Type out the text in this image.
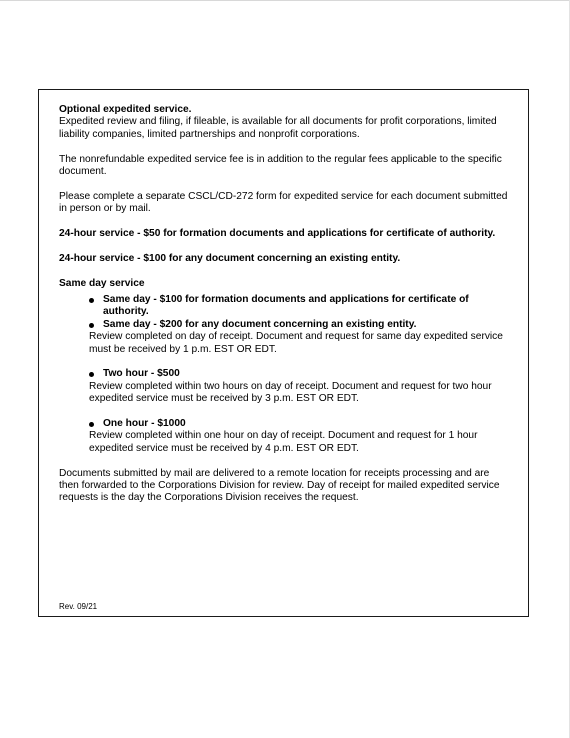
Optional expedited service.

Expedited review and filing, if fileable, is available for all documents for profit corporations, limited liability companies, limited partnerships and nonprofit corporations.

The nonrefundable expedited service fee is in addition to the regular fees applicable to the specific document.

Please complete a separate CSCL/CD-272 form for expedited service for each document submitted in person or by mail.

24-hour service - $50 for formation documents and applications for certificate of authority.

24-hour service - $100 for any document concerning an existing entity.

Same day service

Same day - $100 for formation documents and applications for certificate of authority.
Same day - $200 for any document concerning an existing entity.

Review completed on day of receipt. Document and request for same day expedited service must be received by 1 p.m. EST OR EDT.

Two hour - $500

Review completed within two hours on day of receipt. Document and request for two hour expedited service must be received by 3 p.m. EST OR EDT.

One hour - $1000

Review completed within one hour on day of receipt. Document and request for 1 hour expedited service must be received by 4 p.m. EST OR EDT.

Documents submitted by mail are delivered to a remote location for receipts processing and are then forwarded to the Corporations Division for review. Day of receipt for mailed expedited service requests is the day the Corporations Division receives the request.

Rev. 09/21
